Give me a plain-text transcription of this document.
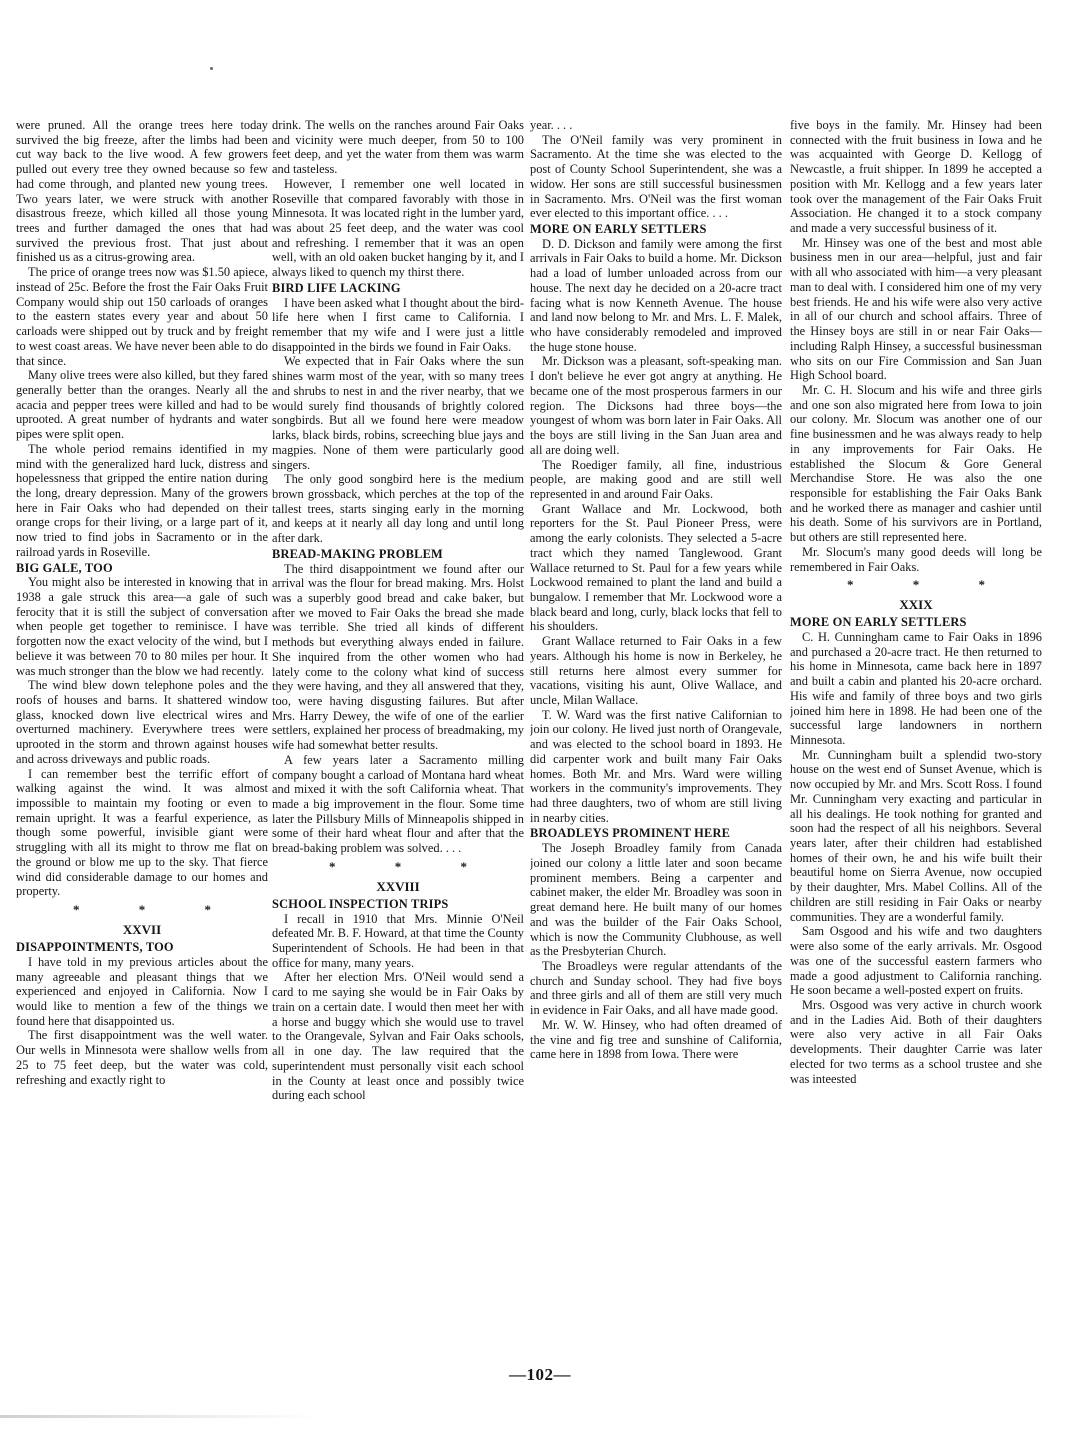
were pruned. All the orange trees here today survived the big freeze, after the limbs had been cut way back to the live wood. A few growers pulled out every tree they owned because so few had come through, and planted new young trees. Two years later, we were struck with another disastrous freeze, which killed all those young trees and further damaged the ones that had survived the previous frost. That just about finished us as a citrus-growing area.

The price of orange trees now was $1.50 apiece, instead of 25c. Before the frost the Fair Oaks Fruit Company would ship out 150 carloads of oranges to the eastern states every year and about 50 carloads were shipped out by truck and by freight to west coast areas. We have never been able to do that since.

Many olive trees were also killed, but they fared generally better than the oranges. Nearly all the acacia and pepper trees were killed and had to be uprooted. A great number of hydrants and water pipes were split open.

The whole period remains identified in my mind with the generalized hard luck, distress and hopelessness that gripped the entire nation during the long, dreary depression. Many of the growers here in Fair Oaks who had depended on their orange crops for their living, or a large part of it, now tried to find jobs in Sacramento or in the railroad yards in Roseville.

BIG GALE, TOO

You might also be interested in knowing that in 1938 a gale struck this area—a gale of such ferocity that it is still the subject of conversation when people get together to reminisce. I have forgotten now the exact velocity of the wind, but I believe it was between 70 to 80 miles per hour. It was much stronger than the blow we had recently.

The wind blew down telephone poles and the roofs of houses and barns. It shattered window glass, knocked down live electrical wires and overturned machinery. Everywhere trees were uprooted in the storm and thrown against houses and across driveways and public roads.

I can remember best the terrific effort of walking against the wind. It was almost impossible to maintain my footing or even to remain upright. It was a fearful experience, as though some powerful, invisible giant were struggling with all its might to throw me flat on the ground or blow me up to the sky. That fierce wind did considerable damage to our homes and property.

* * *
XXVII
DISAPPOINTMENTS, TOO

I have told in my previous articles about the many agreeable and pleasant things that we experienced and enjoyed in California. Now I would like to mention a few of the things we found here that disappointed us.

The first disappointment was the well water. Our wells in Minnesota were shallow wells from 25 to 75 feet deep, but the water was cold, refreshing and exactly right to

drink. The wells on the ranches around Fair Oaks and vicinity were much deeper, from 50 to 100 feet deep, and yet the water from them was warm and tasteless.

However, I remember one well located in Roseville that compared favorably with those in Minnesota. It was located right in the lumber yard, was about 25 feet deep, and the water was cool and refreshing. I remember that it was an open well, with an old oaken bucket hanging by it, and I always liked to quench my thirst there.

BIRD LIFE LACKING

I have been asked what I thought about the bird-life here when I first came to California. I remember that my wife and I were just a little disappointed in the birds we found in Fair Oaks.

We expected that in Fair Oaks where the sun shines warm most of the year, with so many trees and shrubs to nest in and the river nearby, that we would surely find thousands of brightly colored songbirds. But all we found here were meadow larks, black birds, robins, screeching blue jays and magpies. None of them were particularly good singers.

The only good songbird here is the medium brown grossback, which perches at the top of the tallest trees, starts singing early in the morning and keeps at it nearly all day long and until long after dark.

BREAD-MAKING PROBLEM

The third disappointment we found after our arrival was the flour for bread making. Mrs. Holst was a superbly good bread and cake baker, but after we moved to Fair Oaks the bread she made was terrible. She tried all kinds of different methods but everything always ended in failure. She inquired from the other women who had lately come to the colony what kind of success they were having, and they all answered that they, too, were having disgusting failures. But after Mrs. Harry Dewey, the wife of one of the earlier settlers, explained her process of breadmaking, my wife had somewhat better results.

A few years later a Sacramento milling company bought a carload of Montana hard wheat and mixed it with the soft California wheat. That made a big improvement in the flour. Some time later the Pillsbury Mills of Minneapolis shipped in some of their hard wheat flour and after that the bread-baking problem was solved. . . .

* * *
XXVIII
SCHOOL INSPECTION TRIPS

I recall in 1910 that Mrs. Minnie O'Neil defeated Mr. B. F. Howard, at that time the County Superintendent of Schools. He had been in that office for many, many years.

After her election Mrs. O'Neil would send a card to me saying she would be in Fair Oaks by train on a certain date. I would then meet her with a horse and buggy which she would use to travel to the Orangevale, Sylvan and Fair Oaks schools, all in one day. The law required that the superintendent must personally visit each school in the County at least once and possibly twice during each school

year. . . .

The O'Neil family was very prominent in Sacramento. At the time she was elected to the post of County School Superintendent, she was a widow. Her sons are still successful businessmen in Sacramento. Mrs. O'Neil was the first woman ever elected to this important office. . . .

MORE ON EARLY SETTLERS

D. D. Dickson and family were among the first arrivals in Fair Oaks to build a home. Mr. Dickson had a load of lumber unloaded across from our house. The next day he decided on a 20-acre tract facing what is now Kenneth Avenue. The house and land now belong to Mr. and Mrs. L. F. Malek, who have considerably remodeled and improved the huge stone house.

Mr. Dickson was a pleasant, soft-speaking man. I don't believe he ever got angry at anything. He became one of the most prosperous farmers in our region. The Dicksons had three boys—the youngest of whom was born later in Fair Oaks. All the boys are still living in the San Juan area and all are doing well.

The Roediger family, all fine, industrious people, are making good and are still well represented in and around Fair Oaks.

Grant Wallace and Mr. Lockwood, both reporters for the St. Paul Pioneer Press, were among the early colonists. They selected a 5-acre tract which they named Tanglewood. Grant Wallace returned to St. Paul for a few years while Lockwood remained to plant the land and build a bungalow. I remember that Mr. Lockwood wore a black beard and long, curly, black locks that fell to his shoulders.

Grant Wallace returned to Fair Oaks in a few years. Although his home is now in Berkeley, he still returns here almost every summer for vacations, visiting his aunt, Olive Wallace, and uncle, Milan Wallace.

T. W. Ward was the first native Californian to join our colony. He lived just north of Orangevale, and was elected to the school board in 1893. He did carpenter work and built many Fair Oaks homes. Both Mr. and Mrs. Ward were willing workers in the community's improvements. They had three daughters, two of whom are still living in nearby cities.

BROADLEYS PROMINENT HERE

The Joseph Broadley family from Canada joined our colony a little later and soon became prominent members. Being a carpenter and cabinet maker, the elder Mr. Broadley was soon in great demand here. He built many of our homes and was the builder of the Fair Oaks School, which is now the Community Clubhouse, as well as the Presbyterian Church.

The Broadleys were regular attendants of the church and Sunday school. They had five boys and three girls and all of them are still very much in evidence in Fair Oaks, and all have made good.

Mr. W. W. Hinsey, who had often dreamed of the vine and fig tree and sunshine of California, came here in 1898 from Iowa. There were

five boys in the family. Mr. Hinsey had been connected with the fruit business in Iowa and he was acquainted with George D. Kellogg of Newcastle, a fruit shipper. In 1899 he accepted a position with Mr. Kellogg and a few years later took over the management of the Fair Oaks Fruit Association. He changed it to a stock company and made a very successful business of it.

Mr. Hinsey was one of the best and most able business men in our area—helpful, just and fair with all who associated with him—a very pleasant man to deal with. I considered him one of my very best friends. He and his wife were also very active in all of our church and school affairs. Three of the Hinsey boys are still in or near Fair Oaks—including Ralph Hinsey, a successful businessman who sits on our Fire Commission and San Juan High School board.

Mr. C. H. Slocum and his wife and three girls and one son also migrated here from Iowa to join our colony. Mr. Slocum was another one of our fine businessmen and he was always ready to help in any improvements for Fair Oaks. He established the Slocum & Gore General Merchandise Store. He was also the one responsible for establishing the Fair Oaks Bank and he worked there as manager and cashier until his death. Some of his survivors are in Portland, but others are still represented here.

Mr. Slocum's many good deeds will long be remembered in Fair Oaks.

* * *
XXIX
MORE ON EARLY SETTLERS

C. H. Cunningham came to Fair Oaks in 1896 and purchased a 20-acre tract. He then returned to his home in Minnesota, came back here in 1897 and built a cabin and planted his 20-acre orchard. His wife and family of three boys and two girls joined him here in 1898. He had been one of the successful large landowners in northern Minnesota.

Mr. Cunningham built a splendid two-story house on the west end of Sunset Avenue, which is now occupied by Mr. and Mrs. Scott Ross. I found Mr. Cunningham very exacting and particular in all his dealings. He took nothing for granted and soon had the respect of all his neighbors. Several years later, after their children had established homes of their own, he and his wife built their beautiful home on Sierra Avenue, now occupied by their daughter, Mrs. Mabel Collins. All of the children are still residing in Fair Oaks or nearby communities. They are a wonderful family.

Sam Osgood and his wife and two daughters were also some of the early arrivals. Mr. Osgood was one of the successful eastern farmers who made a good adjustment to California ranching. He soon became a well-posted expert on fruits.

Mrs. Osgood was very active in church woork and in the Ladies Aid. Both of their daughters were also very active in all Fair Oaks developments. Their daughter Carrie was later elected for two terms as a school trustee and she was inteested

—102—
